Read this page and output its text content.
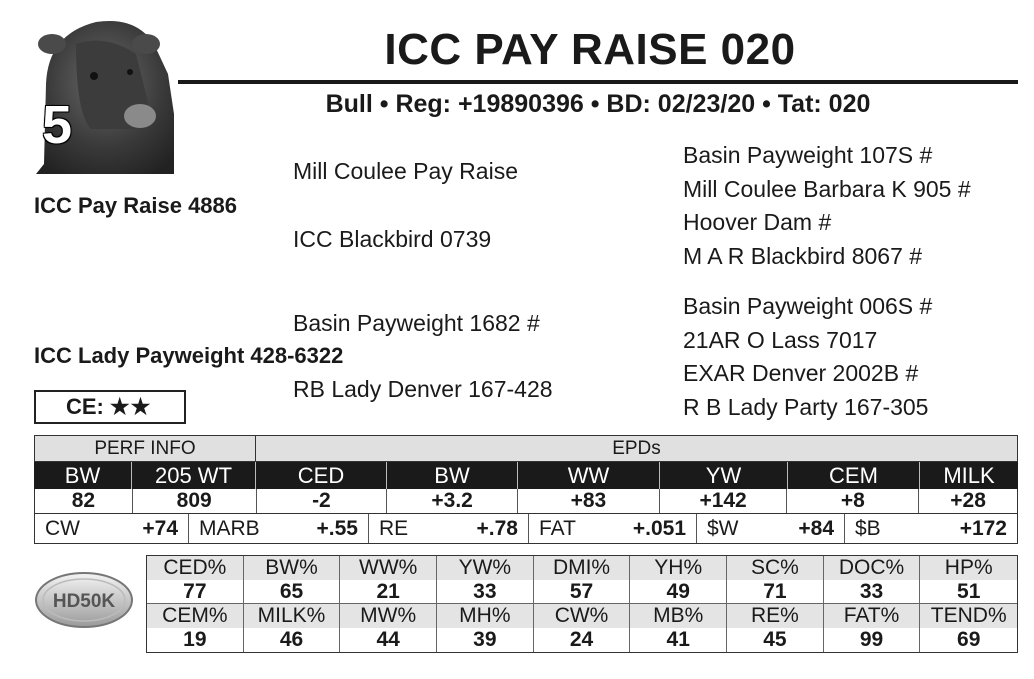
5
ICC PAY RAISE 020
Bull • Reg: +19890396 • BD: 02/23/20 • Tat: 020
ICC Pay Raise 4886
Mill Coulee Pay Raise
ICC Blackbird 0739
Basin Payweight 107S #
Mill Coulee Barbara K 905 #
Hoover Dam #
M A R Blackbird 8067 #
ICC Lady Payweight 428-6322
Basin Payweight 1682 #
RB Lady Denver 167-428
Basin Payweight 006S #
21AR O Lass 7017
EXAR Denver 2002B #
R B Lady Party 167-305
CE: ★★
PERF INFO	EPDs
BW	205 WT	CED	BW	WW	YW	CEM	MILK
82	809	-2	+3.2	+83	+142	+8	+28
CW	+74 MARB	+.55 RE	+.78 FAT	+.051 $W	+84 $B	+172
HD50K
CED%	BW%	WW%	YW%	DMI%	YH%	SC%	DOC%	HP%
77	65	21	33	57	49	71	33	51
CEM%	MILK%	MW%	MH%	CW%	MB%	RE%	FAT%	TEND%
19	46	44	39	24	41	45	99	69
